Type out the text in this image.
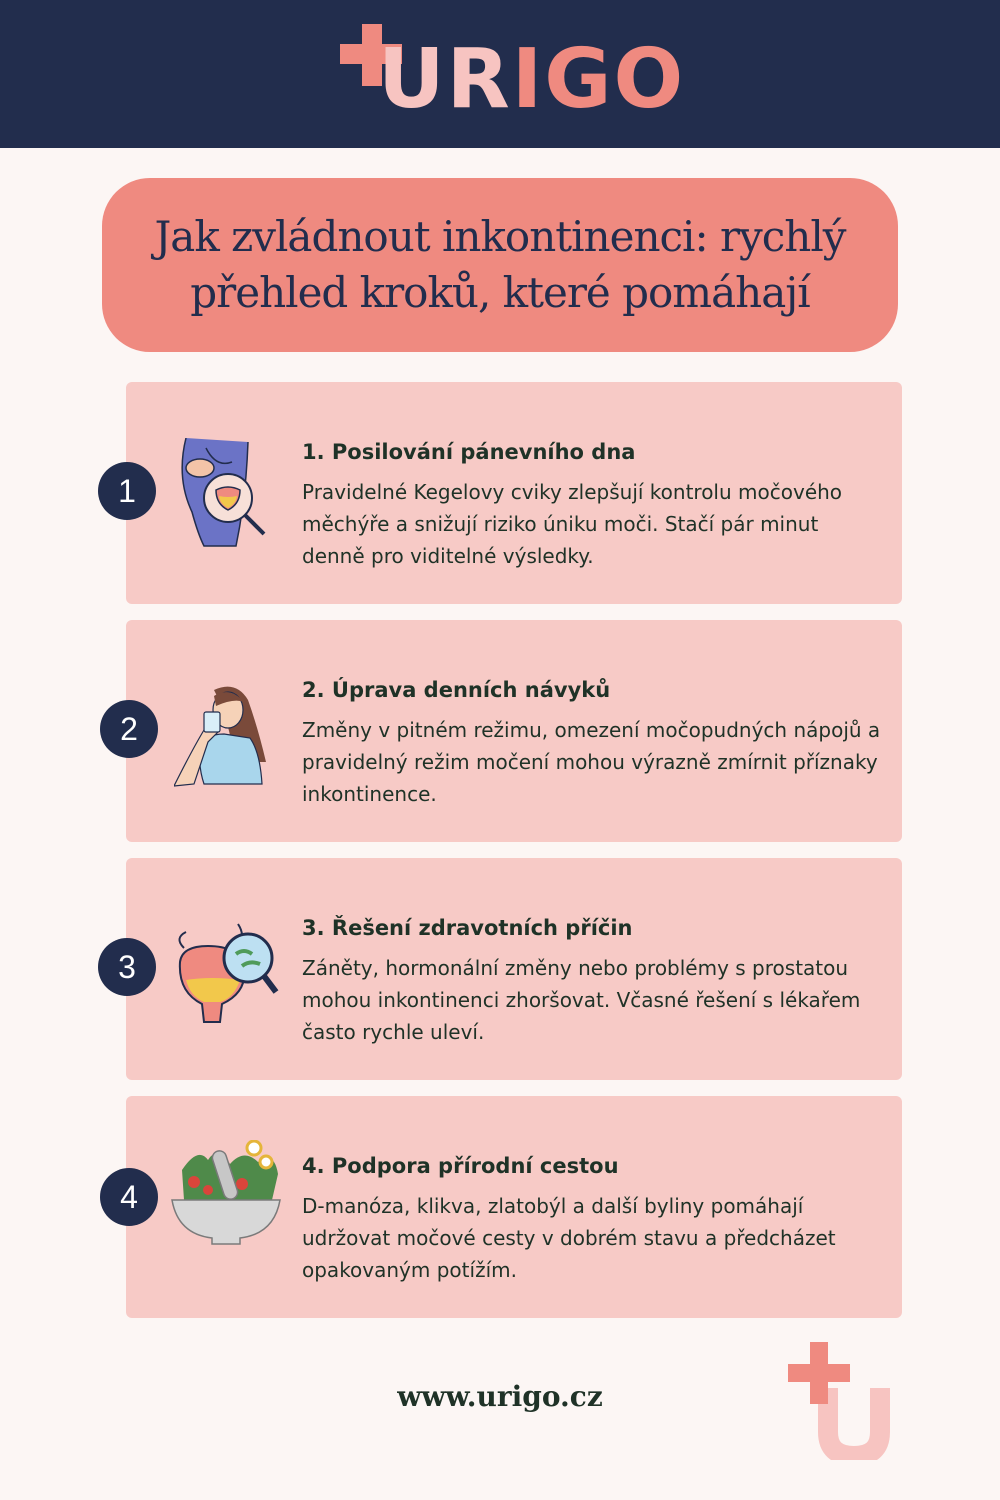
URIGO
Jak zvládnout inkontinenci: rychlý přehled kroků, které pomáhají
1
1. Posilování pánevního dna
Pravidelné Kegelovy cviky zlepšují kontrolu močového měchýře a snižují riziko úniku moči. Stačí pár minut denně pro viditelné výsledky.
2
2. Úprava denních návyků
Změny v pitném režimu, omezení močopudných nápojů a pravidelný režim močení mohou výrazně zmírnit příznaky inkontinence.
3
3. Řešení zdravotních příčin
Záněty, hormonální změny nebo problémy s prostatou mohou inkontinenci zhoršovat. Včasné řešení s lékařem často rychle uleví.
4
4. Podpora přírodní cestou
D-manóza, klikva, zlatobýl a další byliny pomáhají udržovat močové cesty v dobrém stavu a předcházet opakovaným potížím.
www.urigo.cz
